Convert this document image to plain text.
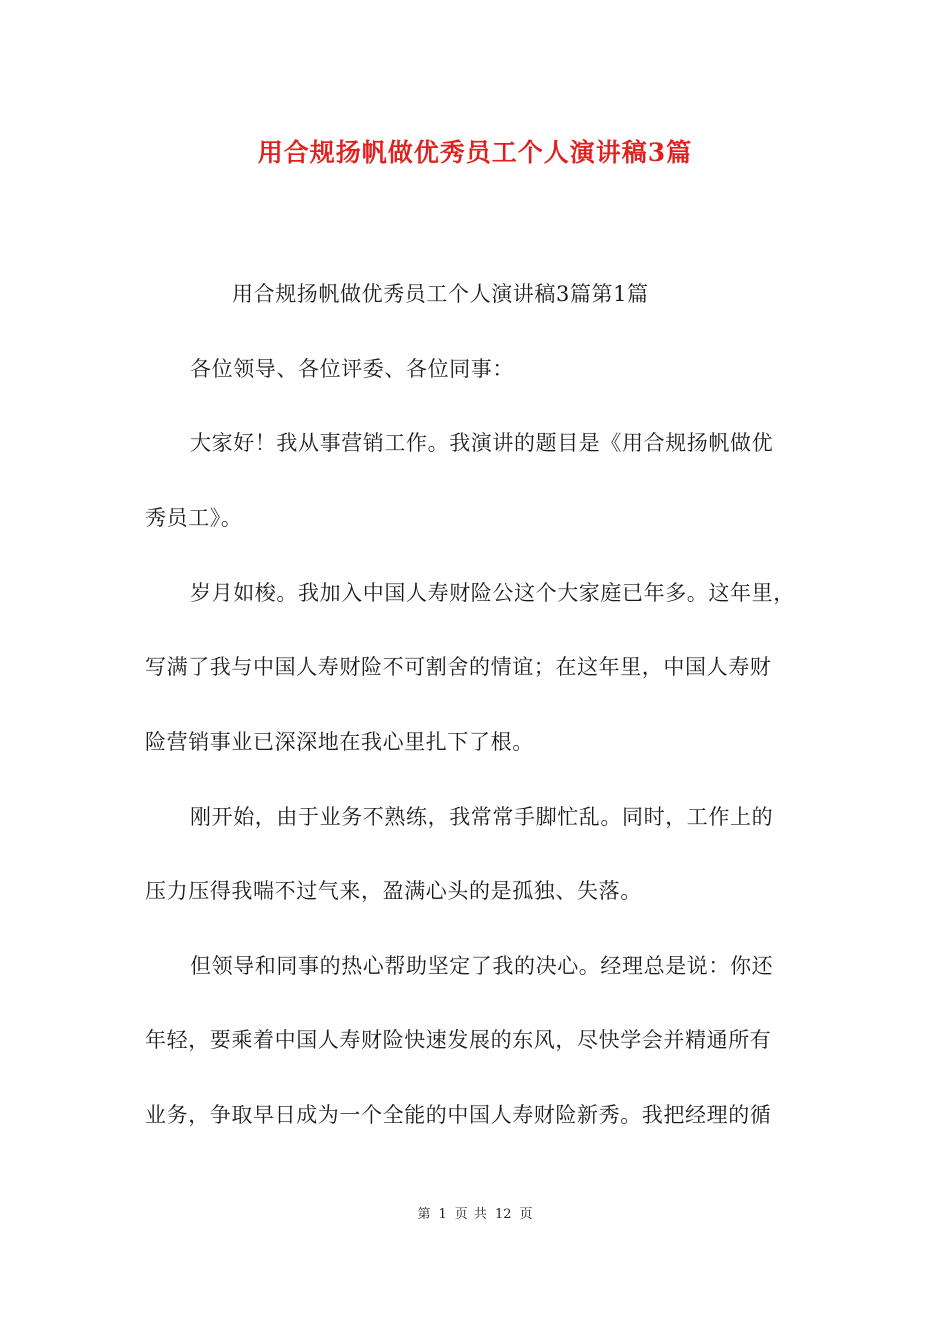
用合规扬帆做优秀员工个人演讲稿3篇
用合规扬帆做优秀员工个人演讲稿3篇第1篇
各位领导、各位评委、各位同事：
大家好！我从事营销工作。我演讲的题目是《用合规扬帆做优
秀员工》。
岁月如梭。我加入中国人寿财险公这个大家庭已年多。这年里，
写满了我与中国人寿财险不可割舍的情谊；在这年里，中国人寿财
险营销事业已深深地在我心里扎下了根。
刚开始，由于业务不熟练，我常常手脚忙乱。同时，工作上的
压力压得我喘不过气来，盈满心头的是孤独、失落。
但领导和同事的热心帮助坚定了我的决心。经理总是说：你还
年轻，要乘着中国人寿财险快速发展的东风，尽快学会并精通所有
业务，争取早日成为一个全能的中国人寿财险新秀。我把经理的循
第 1 页 共 12 页
